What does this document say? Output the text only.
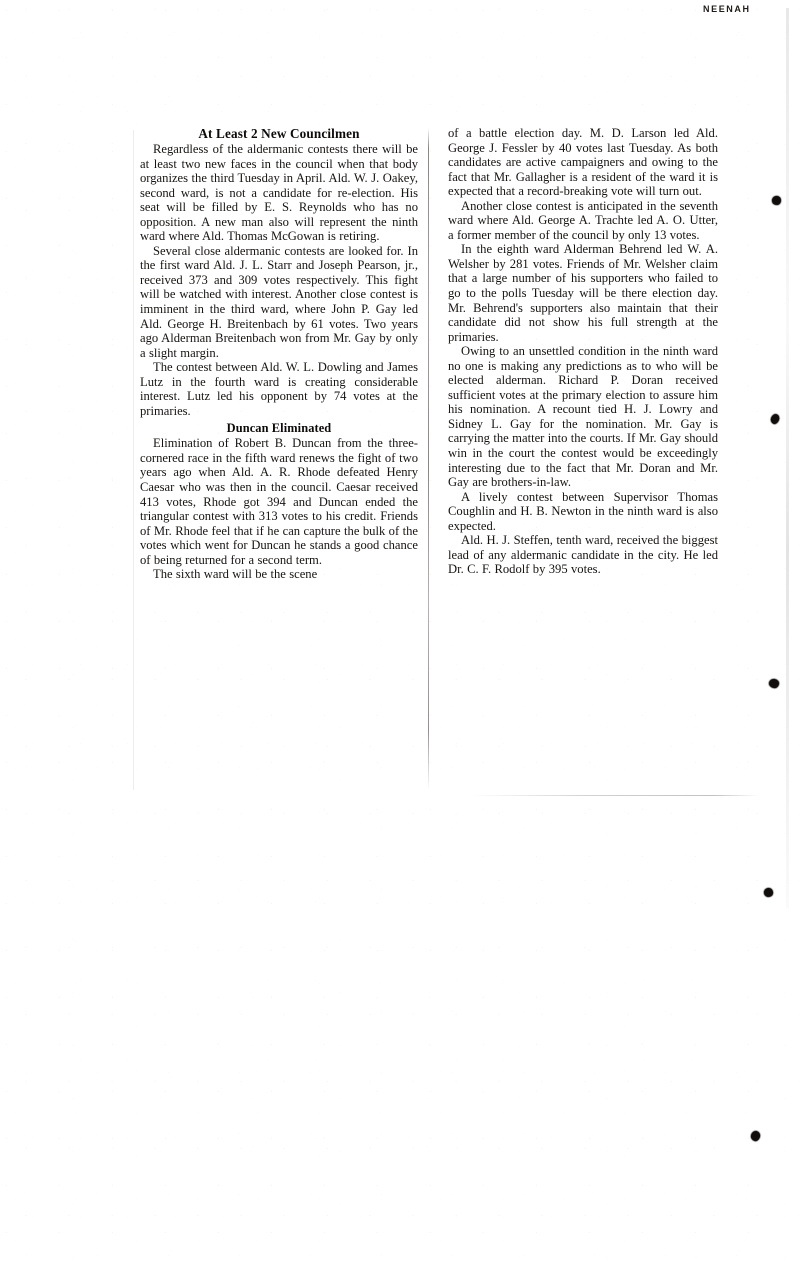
NEENAH
At Least 2 New Councilmen

Regardless of the aldermanic contests there will be at least two new faces in the council when that body organizes the third Tuesday in April. Ald. W. J. Oakey, second ward, is not a candidate for re-election. His seat will be filled by E. S. Reynolds who has no opposition. A new man also will represent the ninth ward where Ald. Thomas McGowan is retiring.

Several close aldermanic contests are looked for. In the first ward Ald. J. L. Starr and Joseph Pearson, jr., received 373 and 309 votes respectively. This fight will be watched with interest. Another close contest is imminent in the third ward, where John P. Gay led Ald. George H. Breitenbach by 61 votes. Two years ago Alderman Breitenbach won from Mr. Gay by only a slight margin.

The contest between Ald. W. L. Dowling and James Lutz in the fourth ward is creating considerable interest. Lutz led his opponent by 74 votes at the primaries.

Duncan Eliminated

Elimination of Robert B. Duncan from the three-cornered race in the fifth ward renews the fight of two years ago when Ald. A. R. Rhode defeated Henry Caesar who was then in the council. Caesar received 413 votes, Rhode got 394 and Duncan ended the triangular contest with 313 votes to his credit. Friends of Mr. Rhode feel that if he can capture the bulk of the votes which went for Duncan he stands a good chance of being returned for a second term.

The sixth ward will be the scene

of a battle election day. M. D. Larson led Ald. George J. Fessler by 40 votes last Tuesday. As both candidates are active campaigners and owing to the fact that Mr. Gallagher is a resident of the ward it is expected that a record-breaking vote will turn out.

Another close contest is anticipated in the seventh ward where Ald. George A. Trachte led A. O. Utter, a former member of the council by only 13 votes.

In the eighth ward Alderman Behrend led W. A. Welsher by 281 votes. Friends of Mr. Welsher claim that a large number of his supporters who failed to go to the polls Tuesday will be there election day. Mr. Behrend's supporters also maintain that their candidate did not show his full strength at the primaries.

Owing to an unsettled condition in the ninth ward no one is making any predictions as to who will be elected alderman. Richard P. Doran received sufficient votes at the primary election to assure him his nomination. A recount tied H. J. Lowry and Sidney L. Gay for the nomination. Mr. Gay is carrying the matter into the courts. If Mr. Gay should win in the court the contest would be exceedingly interesting due to the fact that Mr. Doran and Mr. Gay are brothers-in-law.

A lively contest between Supervisor Thomas Coughlin and H. B. Newton in the ninth ward is also expected.

Ald. H. J. Steffen, tenth ward, received the biggest lead of any aldermanic candidate in the city. He led Dr. C. F. Rodolf by 395 votes.
